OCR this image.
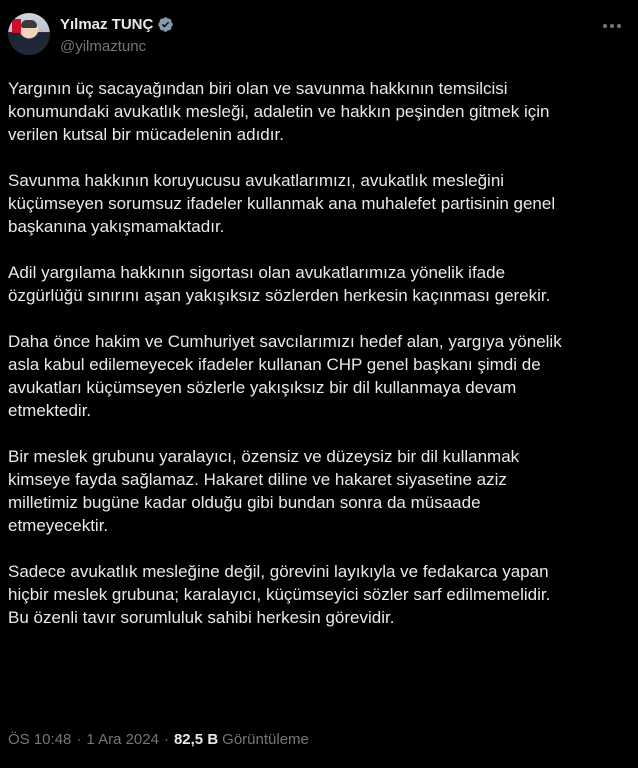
Yılmaz TUNÇ
@yilmaztunc

Yargının üç sacayağından biri olan ve savunma hakkının temsilcisi
konumundaki avukatlık mesleği, adaletin ve hakkın peşinden gitmek için
verilen kutsal bir mücadelenin adıdır.

Savunma hakkının koruyucusu avukatlarımızı, avukatlık mesleğini
küçümseyen sorumsuz ifadeler kullanmak ana muhalefet partisinin genel
başkanına yakışmamaktadır.

Adil yargılama hakkının sigortası olan avukatlarımıza yönelik ifade
özgürlüğü sınırını aşan yakışıksız sözlerden herkesin kaçınması gerekir.

Daha önce hakim ve Cumhuriyet savcılarımızı hedef alan, yargıya yönelik
asla kabul edilemeyecek ifadeler kullanan CHP genel başkanı şimdi de
avukatları küçümseyen sözlerle yakışıksız bir dil kullanmaya devam
etmektedir.

Bir meslek grubunu yaralayıcı, özensiz ve düzeysiz bir dil kullanmak
kimseye fayda sağlamaz. Hakaret diline ve hakaret siyasetine aziz
milletimiz bugüne kadar olduğu gibi bundan sonra da müsaade
etmeyecektir.

Sadece avukatlık mesleğine değil, görevini layıkıyla ve fedakarca yapan
hiçbir meslek grubuna; karalayıcı, küçümseyici sözler sarf edilmemelidir.
Bu özenli tavır sorumluluk sahibi herkesin görevidir.

ÖS 10:48 · 1 Ara 2024 · 82,5 B Görüntüleme
